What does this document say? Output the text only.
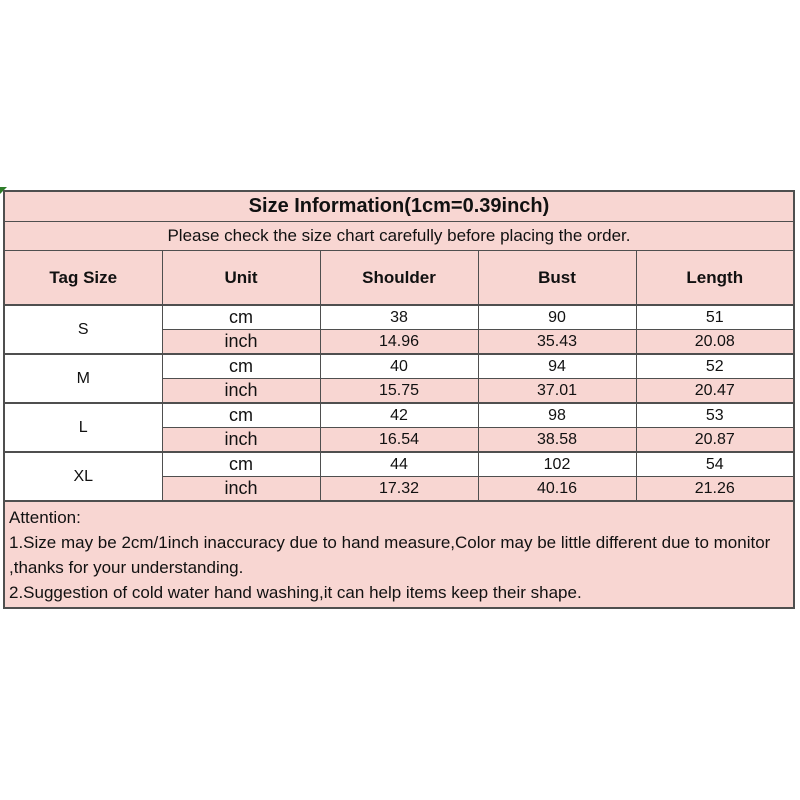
Size Information(1cm=0.39inch)				
Please check the size chart carefully before placing the order.				
Tag Size	Unit	Shoulder	Bust	Length
S	cm	38	90	51
	inch	14.96	35.43	20.08
M	cm	40	94	52
	inch	15.75	37.01	20.47
L	cm	42	98	53
	inch	16.54	38.58	20.87
XL	cm	44	102	54
	inch	17.32	40.16	21.26

Attention:
1.Size may be 2cm/1inch inaccuracy due to hand measure,Color may be little different due to monitor
,thanks for your understanding.
2.Suggestion of cold water hand washing,it can help items keep their shape.				
